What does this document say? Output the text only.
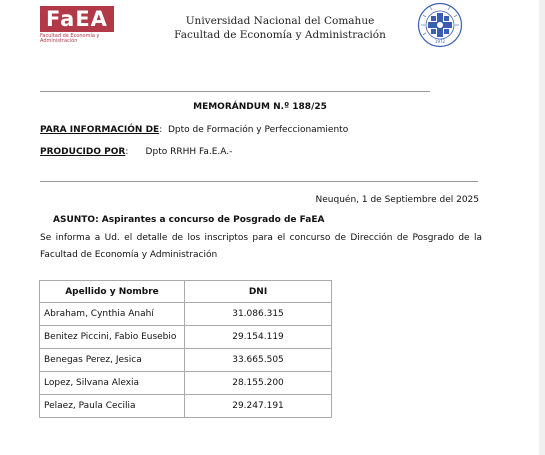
FaEA
Facultad de Economía y Administración
Universidad Nacional del Comahue
Facultad de Economía y Administración
1972
MEMORÁNDUM N.º 188/25
PARA INFORMACIÓN DE:  Dpto de Formación y Perfeccionamiento
PRODUCIDO POR:      Dpto RRHH Fa.E.A.-
Neuquén, 1 de Septiembre del 2025
ASUNTO: Aspirantes a concurso de Posgrado de FaEA
Se informa a Ud. el detalle de los inscriptos para el concurso de Dirección de Posgrado de la Facultad de Economía y Administración
Apellido y Nombre	DNI
Abraham, Cynthia Anahí	31.086.315
Benitez Piccini, Fabio Eusebio	29.154.119
Benegas Perez, Jesica	33.665.505
Lopez, Silvana Alexia	28.155.200
Pelaez, Paula Cecilia	29.247.191
